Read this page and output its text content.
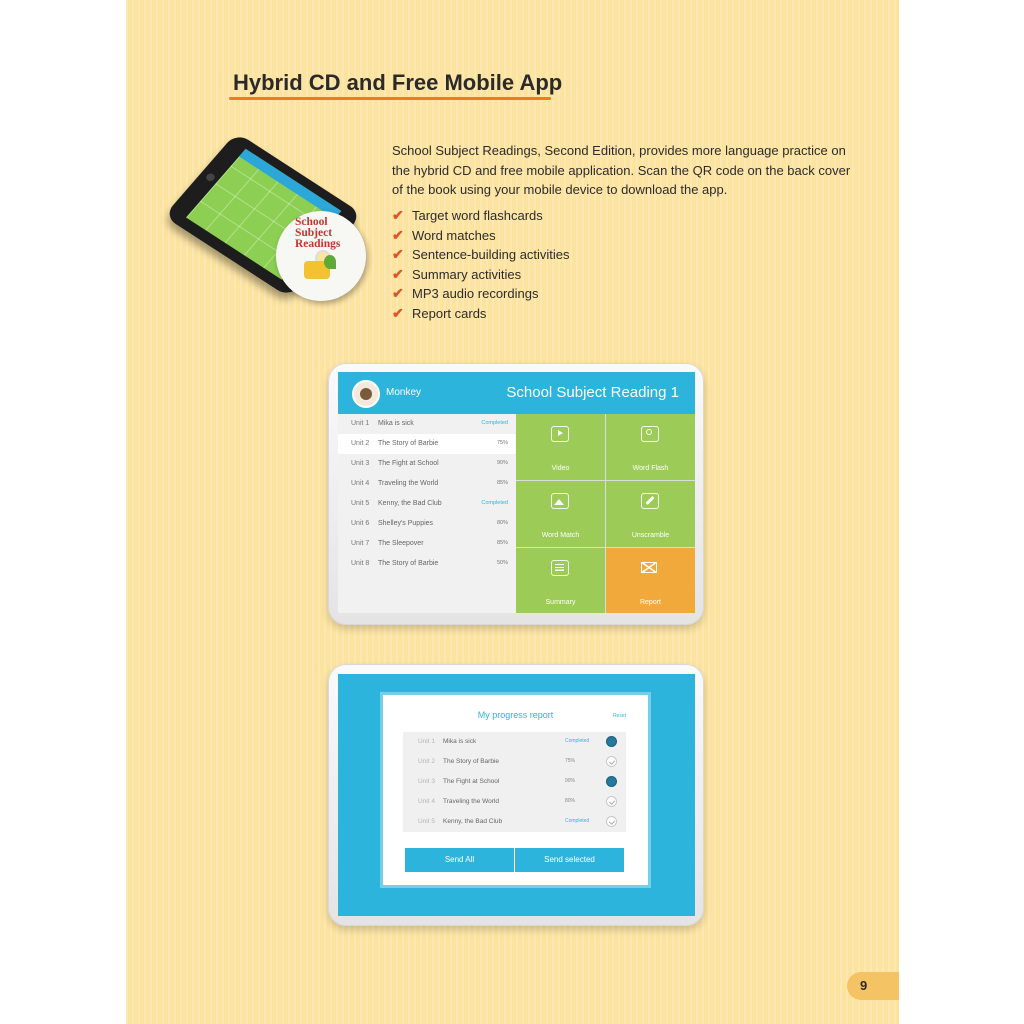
Hybrid CD and Free Mobile App

School
Subject
Readings

School Subject Readings, Second Edition, provides more language practice on the hybrid CD and free mobile application. Scan the QR code on the back cover of the book using your mobile device to download the app.

✔ Target word flashcards
✔ Word matches
✔ Sentence-building activities
✔ Summary activities
✔ MP3 audio recordings
✔ Report cards
Monkey	School Subject Reading 1
Unit 1 Mika is sick	Completed
Unit 2 The Story of Barbie	75%
Unit 3 The Fight at School	90%
Unit 4 Traveling the World	85%
Unit 5 Kenny, the Bad Club	Completed
Unit 6 Shelley's Puppies	80%
Unit 7 The Sleepover	85%
Unit 8 The Story of Barbie	50%
Video	Word Flash
Word Match	Unscramble
Summary	Report
My progress report	Reset
Unit 1 Mika is sick	Completed
Unit 2 The Story of Barbie	75%
Unit 3 The Fight at School	90%
Unit 4 Traveling the World	80%
Unit 5 Kenny, the Bad Club	Completed
Send All	Send selected
9
